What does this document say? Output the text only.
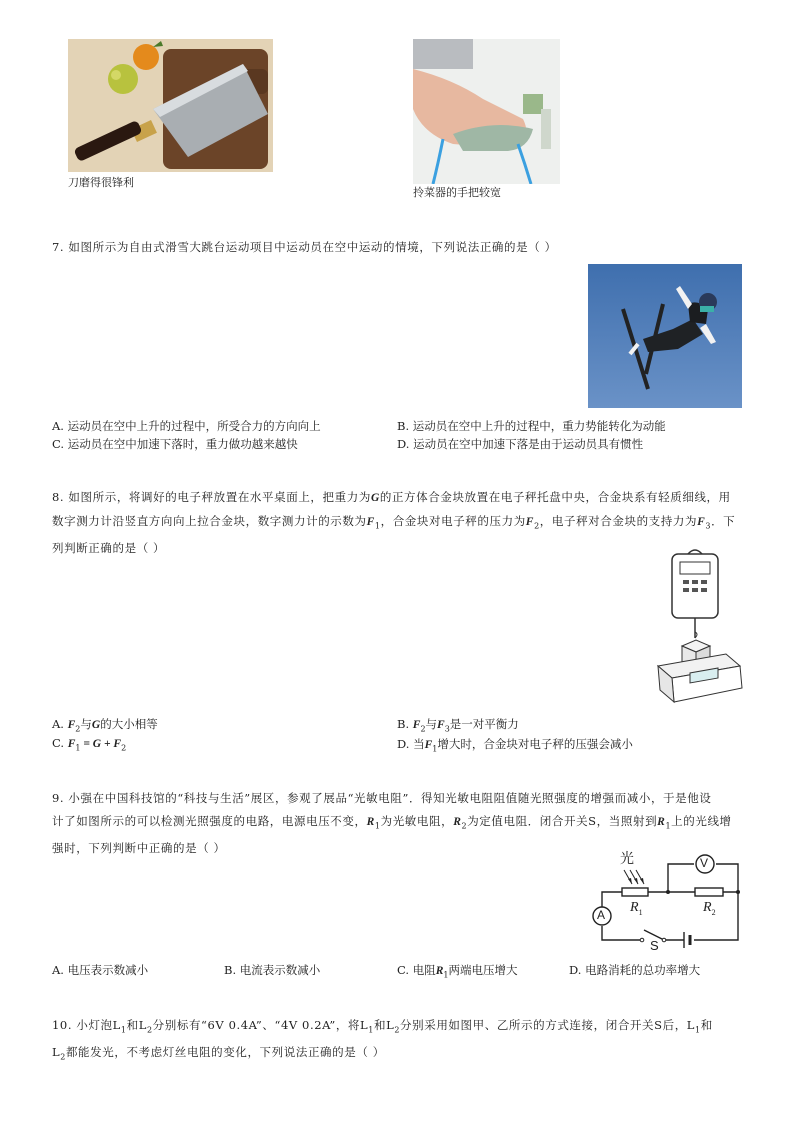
刀磨得很锋利
拎菜器的手把较宽
7. 如图所示为自由式滑雪大跳台运动项目中运动员在空中运动的情境，下列说法正确的是（ ）
A. 运动员在空中上升的过程中，所受合力的方向向上	B. 运动员在空中上升的过程中，重力势能转化为动能
C. 运动员在空中加速下落时，重力做功越来越快	D. 运动员在空中加速下落是由于运动员具有惯性
8. 如图所示，将调好的电子秤放置在水平桌面上，把重力为G的正方体合金块放置在电子秤托盘中央，合金块系有轻质细线，用
数字测力计沿竖直方向向上拉合金块，数字测力计的示数为$F_1$，合金块对电子秤的压力为$F_2$，电子秤对合金块的支持力为$F_3$．下
列判断正确的是（ ）
A. $F_2$与G的大小相等	B. $F_2$与$F_3$是一对平衡力
C. $F_1 = G + F_2$	D. 当$F_1$增大时，合金块对电子秤的压强会减小
9. 小强在中国科技馆的“科技与生活”展区，参观了展品“光敏电阻”．得知光敏电阻阻值随光照强度的增强而减小，于是他设
计了如图所示的可以检测光照强度的电路，电源电压不变，$R_1$为光敏电阻，$R_2$为定值电阻．闭合开关S，当照射到$R_1$上的光线增
强时，下列判断中正确的是（ ）
光
A
V
$R_1$	$R_2$
S
A. 电压表示数减小	B. 电流表示数减小	C. 电阻$R_1$两端电压增大	D. 电路消耗的总功率增大
10. 小灯泡$L_1$和$L_2$分别标有“6V 0.4A”、“4V 0.2A”，将$L_1$和$L_2$分别采用如图甲、乙所示的方式连接，闭合开关S后，$L_1$和
$L_2$都能发光，不考虑灯丝电阻的变化，下列说法正确的是（ ）
